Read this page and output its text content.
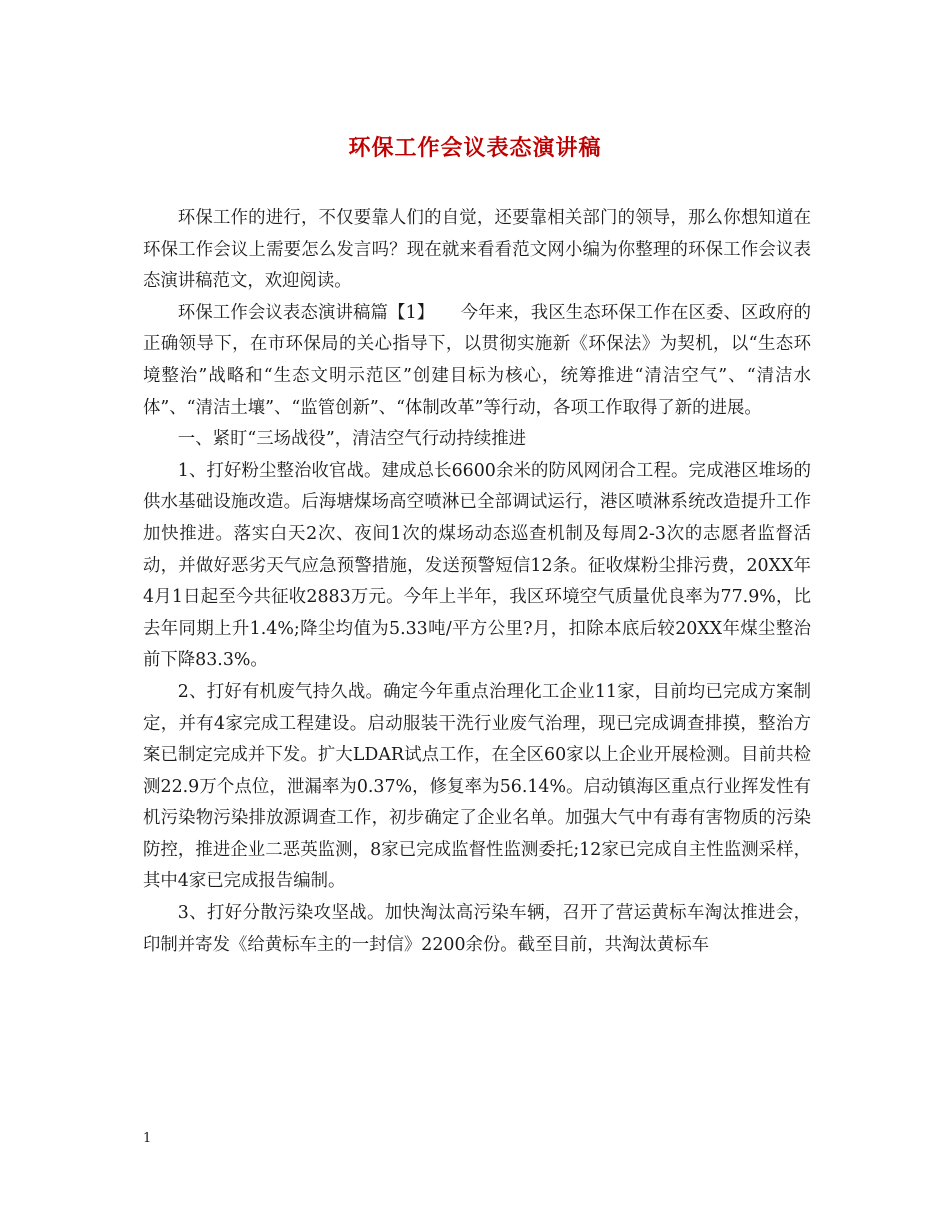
环保工作会议表态演讲稿

环保工作的进行，不仅要靠人们的自觉，还要靠相关部门的领导，那么你想知道在环保工作会议上需要怎么发言吗？现在就来看看范文网小编为你整理的环保工作会议表态演讲稿范文，欢迎阅读。

环保工作会议表态演讲稿篇【1】　　今年来，我区生态环保工作在区委、区政府的正确领导下，在市环保局的关心指导下，以贯彻实施新《环保法》为契机，以“生态环境整治”战略和“生态文明示范区”创建目标为核心，统筹推进“清洁空气”、“清洁水体”、“清洁土壤”、“监管创新”、“体制改革”等行动，各项工作取得了新的进展。

一、紧盯“三场战役”，清洁空气行动持续推进

1、打好粉尘整治收官战。建成总长6600余米的防风网闭合工程。完成港区堆场的供水基础设施改造。后海塘煤场高空喷淋已全部调试运行，港区喷淋系统改造提升工作加快推进。落实白天2次、夜间1次的煤场动态巡查机制及每周2-3次的志愿者监督活动，并做好恶劣天气应急预警措施，发送预警短信12条。征收煤粉尘排污费，20XX年4月1日起至今共征收2883万元。今年上半年，我区环境空气质量优良率为77.9%，比去年同期上升1.4%;降尘均值为5.33吨/平方公里?月，扣除本底后较20XX年煤尘整治前下降83.3%。

2、打好有机废气持久战。确定今年重点治理化工企业11家，目前均已完成方案制定，并有4家完成工程建设。启动服装干洗行业废气治理，现已完成调查排摸，整治方案已制定完成并下发。扩大LDAR试点工作，在全区60家以上企业开展检测。目前共检测22.9万个点位，泄漏率为0.37%，修复率为56.14%。启动镇海区重点行业挥发性有机污染物污染排放源调查工作，初步确定了企业名单。加强大气中有毒有害物质的污染防控，推进企业二恶英监测，8家已完成监督性监测委托;12家已完成自主性监测采样，其中4家已完成报告编制。

3、打好分散污染攻坚战。加快淘汰高污染车辆，召开了营运黄标车淘汰推进会，印制并寄发《给黄标车主的一封信》2200余份。截至目前，共淘汰黄标车

1
